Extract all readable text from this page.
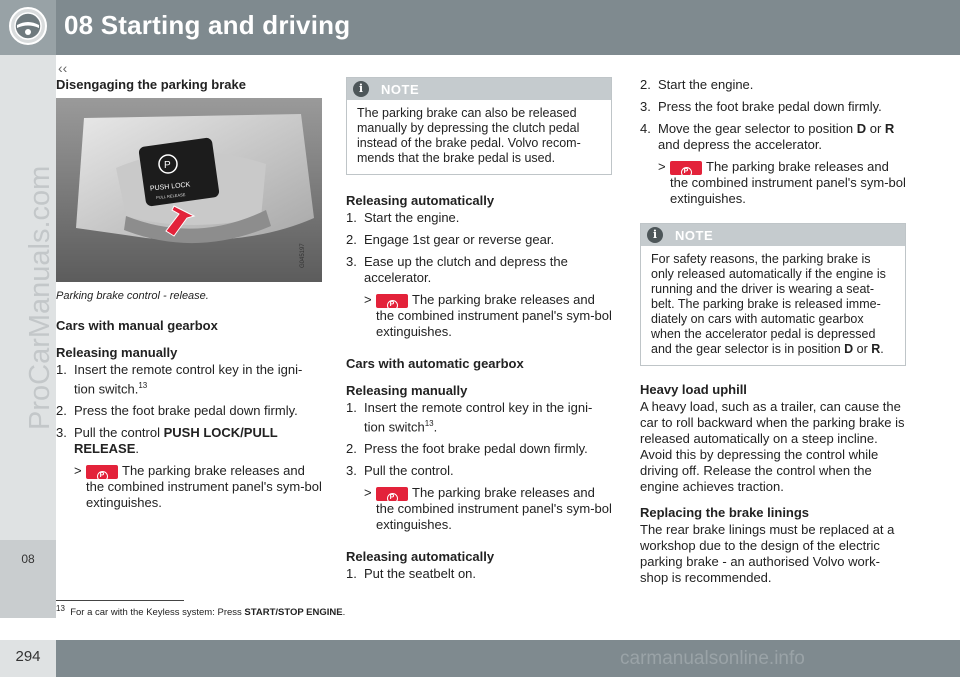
08 Starting and driving
08
ProCarManuals.com
‹‹
Disengaging the parking brake
P
PUSH LOCK
PULL RELEASE
G045197

Parking brake control - release.

Cars with manual gearbox
Releasing manually
1. Insert the remote control key in the igni-tion switch.$^{13}$
2. Press the foot brake pedal down firmly.
3. Pull the control PUSH LOCK/PULL RELEASE.
>	P The parking brake releases and the combined instrument panel's sym-bol extinguishes.
i	NOTE
The parking brake can also be released manually by depressing the clutch pedal instead of the brake pedal. Volvo recom-mends that the brake pedal is used.
Releasing automatically
1. Start the engine.
2. Engage 1st gear or reverse gear.
3. Ease up the clutch and depress the accelerator.
>	P The parking brake releases and the combined instrument panel's sym-bol extinguishes.
Cars with automatic gearbox
Releasing manually
1. Insert the remote control key in the igni-tion switch$^{13}$.
2. Press the foot brake pedal down firmly.
3. Pull the control.
>	P The parking brake releases and the combined instrument panel's sym-bol extinguishes.
Releasing automatically
1. Put the seatbelt on.
2. Start the engine.
3. Press the foot brake pedal down firmly.
4. Move the gear selector to position D or R and depress the accelerator.
>	P The parking brake releases and the combined instrument panel's sym-bol extinguishes.
i	NOTE
For safety reasons, the parking brake is only released automatically if the engine is running and the driver is wearing a seat-belt. The parking brake is released imme-diately on cars with automatic gearbox when the accelerator pedal is depressed and the gear selector is in position D or R.
Heavy load uphill

A heavy load, such as a trailer, can cause the car to roll backward when the parking brake is released automatically on a steep incline. Avoid this by depressing the control while driving off. Release the control when the engine achieves traction.

Replacing the brake linings

The rear brake linings must be replaced at a workshop due to the design of the electric parking brake - an authorised Volvo work-shop is recommended.

$^{13}$ For a car with the Keyless system: Press START/STOP ENGINE.
294	carmanualsonline.info
